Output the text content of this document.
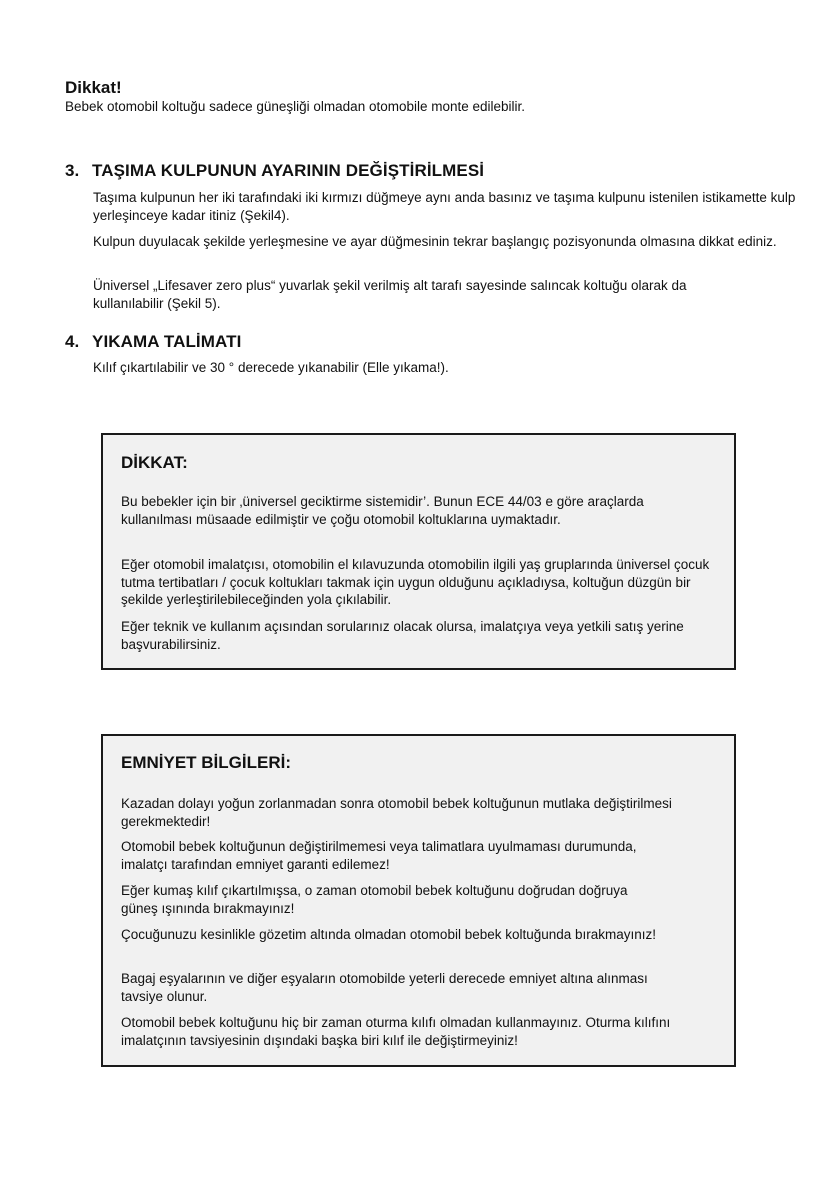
Dikkat!
Bebek otomobil koltuğu sadece güneşliği olmadan otomobile monte edilebilir.
3. TAŞIMA KULPUNUN AYARININ DEĞİŞTİRİLMESİ
Taşıma kulpunun her iki tarafındaki iki kırmızı düğmeye aynı anda basınız ve taşıma kulpunu istenilen istikamette kulp yerleşinceye kadar itiniz (Şekil4).
Kulpun duyulacak şekilde yerleşmesine ve ayar düğmesinin tekrar başlangıç pozisyonunda olmasına dikkat ediniz.
Üniversel „Lifesaver zero plus“ yuvarlak şekil verilmiş alt tarafı sayesinde salıncak koltuğu olarak da kullanılabilir (Şekil 5).
4. YIKAMA TALİMATI
Kılıf çıkartılabilir ve 30 ° derecede yıkanabilir (Elle yıkama!).
DİKKAT:
Bu bebekler için bir ‚üniversel geciktirme sistemidir’. Bunun ECE 44/03 e göre araçlarda kullanılması müsaade edilmiştir ve çoğu otomobil koltuklarına uymaktadır.
Eğer otomobil imalatçısı, otomobilin el kılavuzunda otomobilin ilgili yaş gruplarında üniversel çocuk tutma tertibatları / çocuk koltukları takmak için uygun olduğunu açıkladıysa, koltuğun düzgün bir şekilde yerleştirilebileceğinden yola çıkılabilir.
Eğer teknik ve kullanım açısından sorularınız olacak olursa, imalatçıya veya yetkili satış yerine başvurabilirsiniz.
EMNİYET BİLGİLERİ:
Kazadan dolayı yoğun zorlanmadan sonra otomobil bebek koltuğunun mutlaka değiştirilmesi gerekmektedir!
Otomobil bebek koltuğunun değiştirilmemesi veya talimatlara uyulmaması durumunda, imalatçı tarafından emniyet garanti edilemez!
Eğer kumaş kılıf çıkartılmışsa, o zaman otomobil bebek koltuğunu doğrudan doğruya güneş ışınında bırakmayınız!
Çocuğunuzu kesinlikle gözetim altında olmadan otomobil bebek koltuğunda bırakmayınız!
Bagaj eşyalarının ve diğer eşyaların otomobilde yeterli derecede emniyet altına alınması tavsiye olunur.
Otomobil bebek koltuğunu hiç bir zaman oturma kılıfı olmadan kullanmayınız. Oturma kılıfını imalatçının tavsiyesinin dışındaki başka biri kılıf ile değiştirmeyiniz!
